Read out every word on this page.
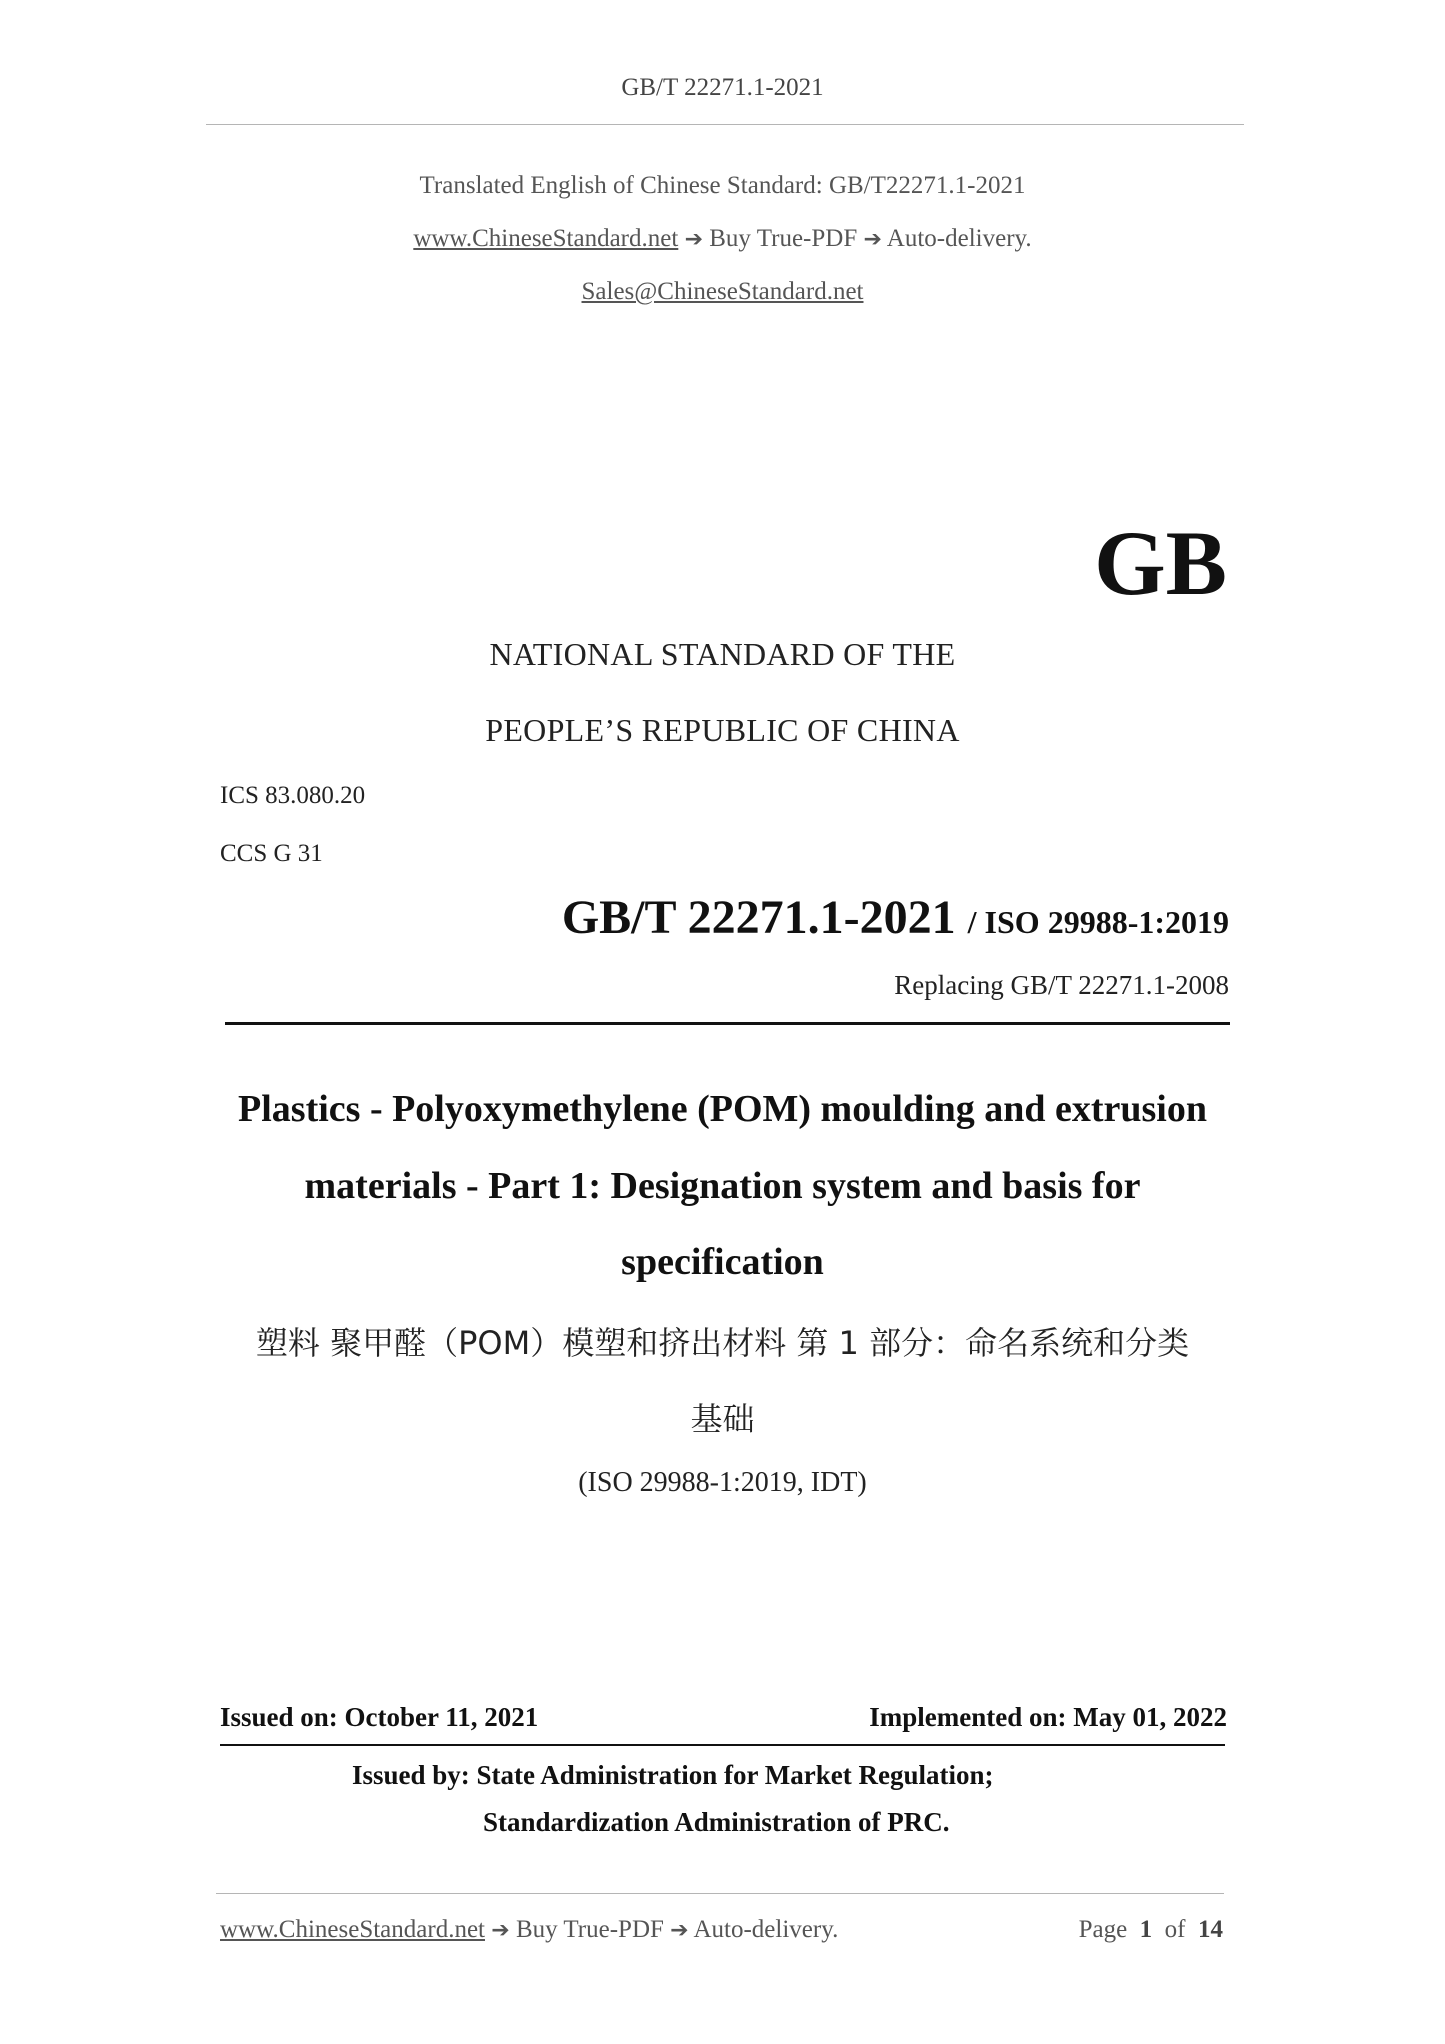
GB/T 22271.1-2021
Translated English of Chinese Standard: GB/T22271.1-2021
www.ChineseStandard.net ➔ Buy True-PDF ➔ Auto-delivery.
Sales@ChineseStandard.net
GB
NATIONAL STANDARD OF THE
PEOPLE’S REPUBLIC OF CHINA
ICS 83.080.20
CCS G 31
GB/T 22271.1-2021 / ISO 29988-1:2019
Replacing GB/T 22271.1-2008
Plastics - Polyoxymethylene (POM) moulding and extrusion
materials - Part 1: Designation system and basis for
specification
塑料 聚甲醛（POM）模塑和挤出材料 第 1 部分：命名系统和分类
基础
(ISO 29988-1:2019, IDT)
Issued on: October 11, 2021	Implemented on: May 01, 2022
Issued by: State Administration for Market Regulation;
Standardization Administration of PRC.
www.ChineseStandard.net ➔ Buy True-PDF ➔ Auto-delivery.	Page 1 of 14
